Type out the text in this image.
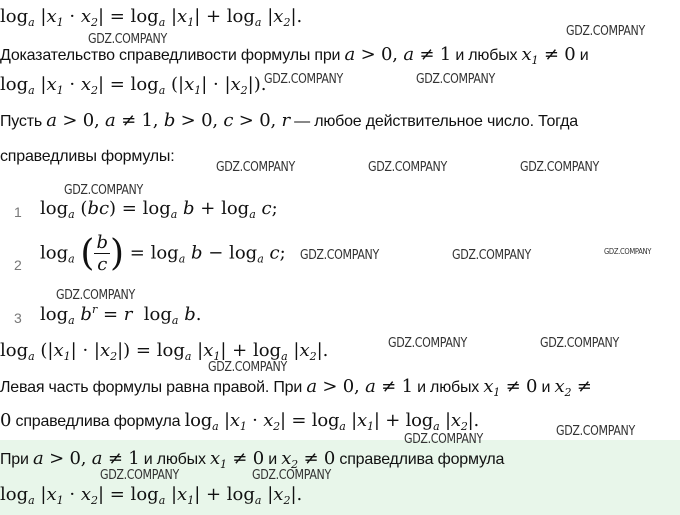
$\log_a |x_1 \cdot x_2| = \log_a |x_1| + \log_a |x_2|$.
Доказательство справедливости формулы при a > 0, a ≠ 1 и любых $x_1 \ne 0$ и
$\log_a |x_1 \cdot x_2| = \log_a (|x_1| \cdot |x_2|)$.
Пусть a > 0, a ≠ 1, b > 0, c > 0, r — любое действительное число. Тогда
справедливы формулы:
1 $\log_a (bc) = \log_a b + \log_a c$;
2
$\log_a$ ( $\frac{b}{c}$ ) = $\log_a b - \log_a c$;
3 $\log_a b^r = r$  $\log_a b$.
$\log_a (|x_1| \cdot |x_2|) = \log_a |x_1| + \log_a |x_2|$.
Левая часть формулы равна правой. При a > 0, a ≠ 1 и любых $x_1 \ne 0$ и $x_2$ ≠
0 справедлива формула $\log_a |x_1 \cdot x_2| = \log_a |x_1| + \log_a |x_2|$.
При a > 0, a ≠ 1 и любых $x_1 \ne 0$ и $x_2 \ne 0$ справедлива формула
$\log_a |x_1 \cdot x_2| = \log_a |x_1| + \log_a |x_2|$.
GDZ.COMPANY
GDZ.COMPANY
GDZ.COMPANY	GDZ.COMPANY
GDZ.COMPANY	GDZ.COMPANY	GDZ.COMPANY
GDZ.COMPANY
GDZ.COMPANY	GDZ.COMPANY	GDZ.COMPANY
GDZ.COMPANY
GDZ.COMPANY	GDZ.COMPANY
GDZ.COMPANY
GDZ.COMPANY
GDZ.COMPANY
GDZ.COMPANY	GDZ.COMPANY
